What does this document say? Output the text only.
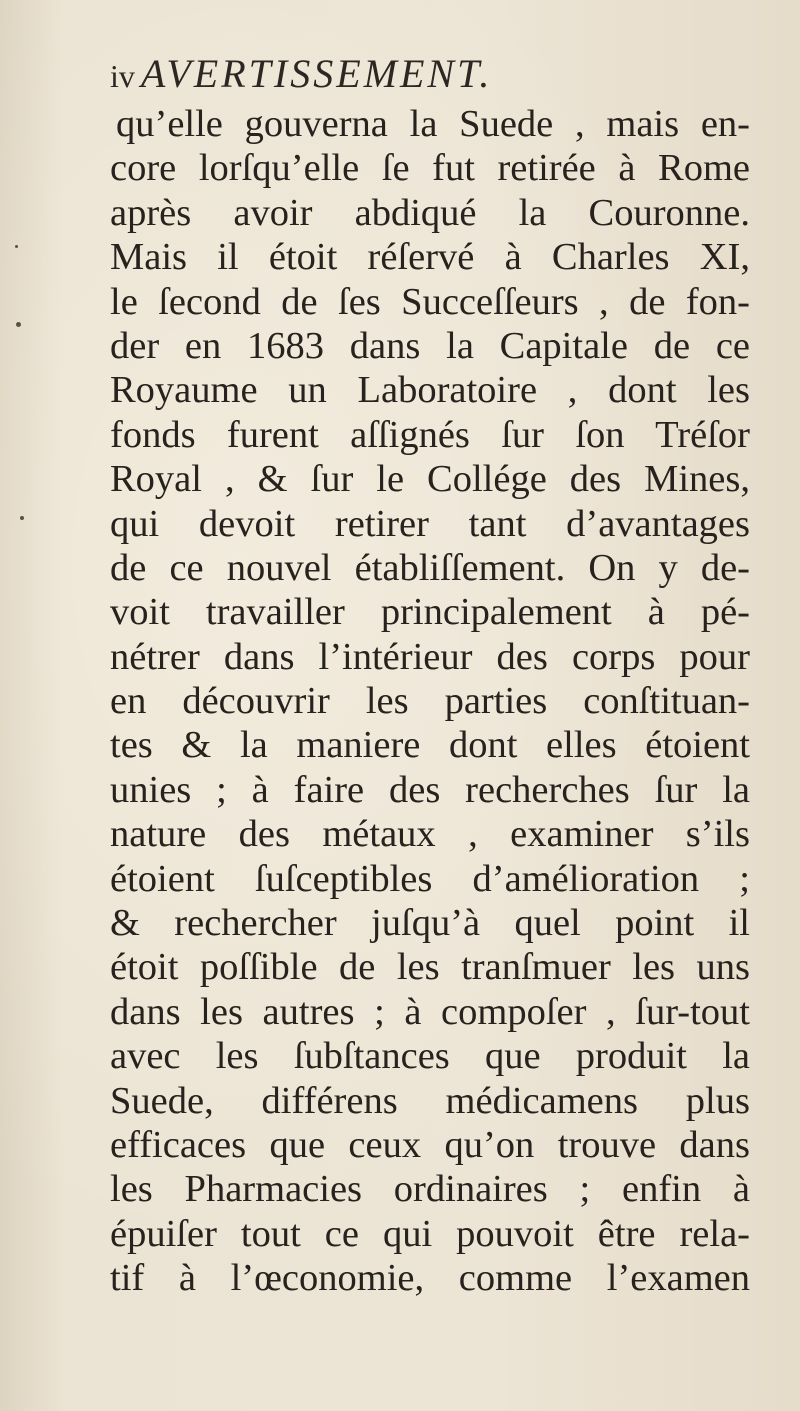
iv AVERTISSEMENT.
qu’elle gouverna la Suede , mais en-
core lorſqu’elle ſe fut retirée à Rome
après avoir abdiqué la Couronne.
Mais il étoit réſervé à Charles XI,
le ſecond de ſes Succeſſeurs , de fon-
der en 1683 dans la Capitale de ce
Royaume un Laboratoire , dont les
fonds furent aſſignés ſur ſon Tréſor
Royal , & ſur le Collége des Mines,
qui devoit retirer tant d’avantages
de ce nouvel établiſſement. On y de-
voit travailler principalement à pé-
nétrer dans l’intérieur des corps pour
en découvrir les parties conſtituan-
tes & la maniere dont elles étoient
unies ; à faire des recherches ſur la
nature des métaux , examiner s’ils
étoient ſuſceptibles d’amélioration ;
& rechercher juſqu’à quel point il
étoit poſſible de les tranſmuer les uns
dans les autres ; à compoſer , ſur-tout
avec les ſubſtances que produit la
Suede, différens médicamens plus
efficaces que ceux qu’on trouve dans
les Pharmacies ordinaires ; enfin à
épuiſer tout ce qui pouvoit être rela-
tif à l’œconomie, comme l’examen
